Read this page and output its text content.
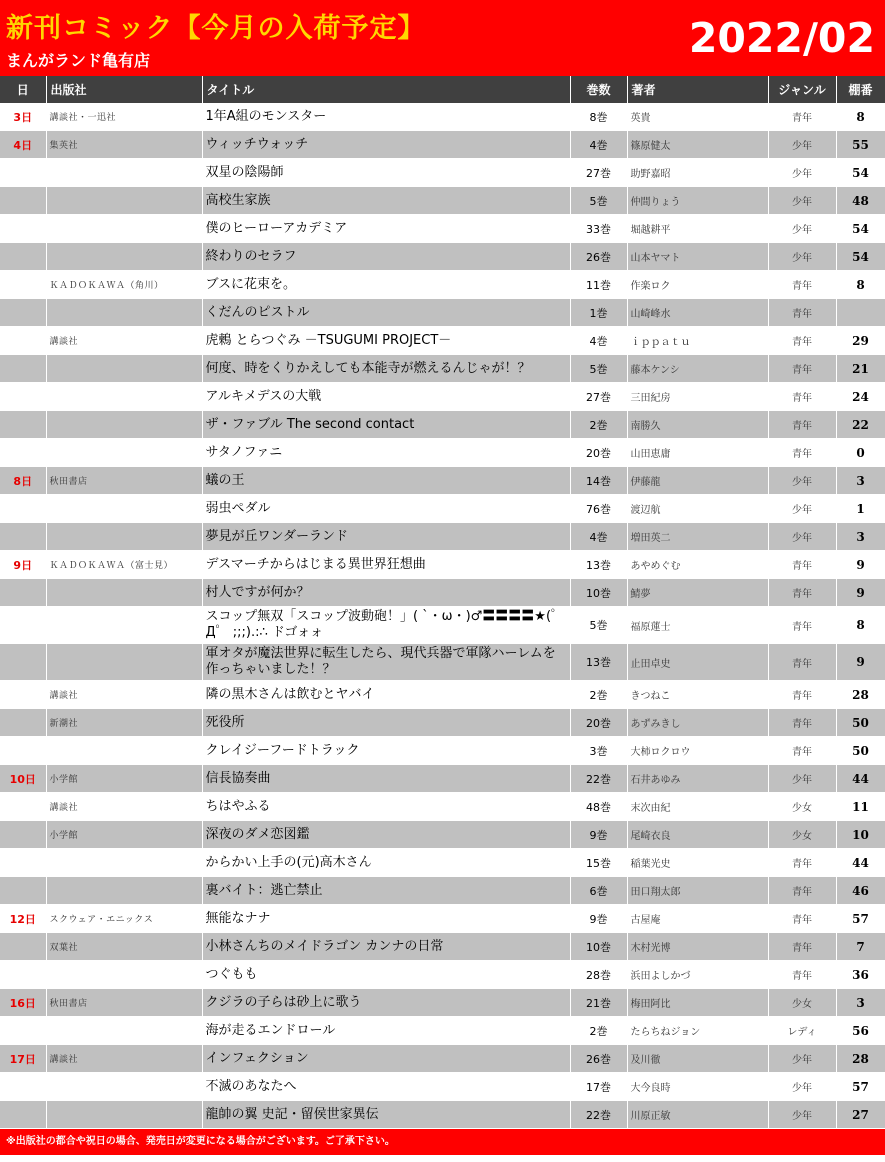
新刊コミック【今月の入荷予定】
まんがランド亀有店	2022/02
日	出版社	タイトル	巻数	著者	ジャンル	棚番
3日	講談社・一迅社	1年A組のモンスター	8巻	英貴	青年	8
4日	集英社	ウィッチウォッチ	4巻	篠原健太	少年	55
		双星の陰陽師	27巻	助野嘉昭	少年	54
		高校生家族	5巻	仲間りょう	少年	48
		僕のヒーローアカデミア	33巻	堀越耕平	少年	54
		終わりのセラフ	26巻	山本ヤマト	少年	54
	ＫＡＤＯＫＡＷＡ（角川）	ブスに花束を。	11巻	作楽ロク	青年	8
		くだんのピストル	1巻	山崎峰水	青年	
	講談社	虎鶫 とらつぐみ －TSUGUMI PROJECT－	4巻	ｉｐｐａｔｕ	青年	29
		何度、時をくりかえしても本能寺が燃えるんじゃが！？	5巻	藤本ケンシ	青年	21
		アルキメデスの大戦	27巻	三田紀房	青年	24
		ザ・ファブル The second contact	2巻	南勝久	青年	22
		サタノファニ	20巻	山田恵庸	青年	0
8日	秋田書店	蟻の王	14巻	伊藤龍	少年	3
		弱虫ペダル	76巻	渡辺航	少年	1
		夢見が丘ワンダーランド	4巻	増田英二	少年	3
9日	ＫＡＤＯＫＡＷＡ（富士見）	デスマーチからはじまる異世界狂想曲	13巻	あやめぐむ	青年	9
		村人ですが何か？	10巻	鯖夢	青年	9
		スコップ無双「スコップ波動砲！」( `・ω・)♂〓〓〓〓★(゜Д゜ ;;;).:∴ ドゴォォ	5巻	福原蓮士	青年	8
		軍オタが魔法世界に転生したら、現代兵器で軍隊ハーレムを作っちゃいました！？	13巻	止田卓史	青年	9
	講談社	隣の黒木さんは飲むとヤバイ	2巻	きつねこ	青年	28
	新潮社	死役所	20巻	あずみきし	青年	50
		クレイジーフードトラック	3巻	大柿ロクロウ	青年	50
10日	小学館	信長協奏曲	22巻	石井あゆみ	少年	44
	講談社	ちはやふる	48巻	末次由紀	少女	11
	小学館	深夜のダメ恋図鑑	9巻	尾崎衣良	少女	10
		からかい上手の(元)高木さん	15巻	稲葉光史	青年	44
		裏バイト：逃亡禁止	6巻	田口翔太郎	青年	46
12日	スクウェア・エニックス	無能なナナ	9巻	古屋庵	青年	57
	双葉社	小林さんちのメイドラゴン カンナの日常	10巻	木村光博	青年	7
		つぐもも	28巻	浜田よしかづ	青年	36
16日	秋田書店	クジラの子らは砂上に歌う	21巻	梅田阿比	少女	3
		海が走るエンドロール	2巻	たらちねジョン	レディ	56
17日	講談社	インフェクション	26巻	及川徹	少年	28
		不滅のあなたへ	17巻	大今良時	少年	57
		龍帥の翼 史記・留侯世家異伝	22巻	川原正敏	少年	27
※出版社の都合や祝日の場合、発売日が変更になる場合がございます。ご了承下さい。
